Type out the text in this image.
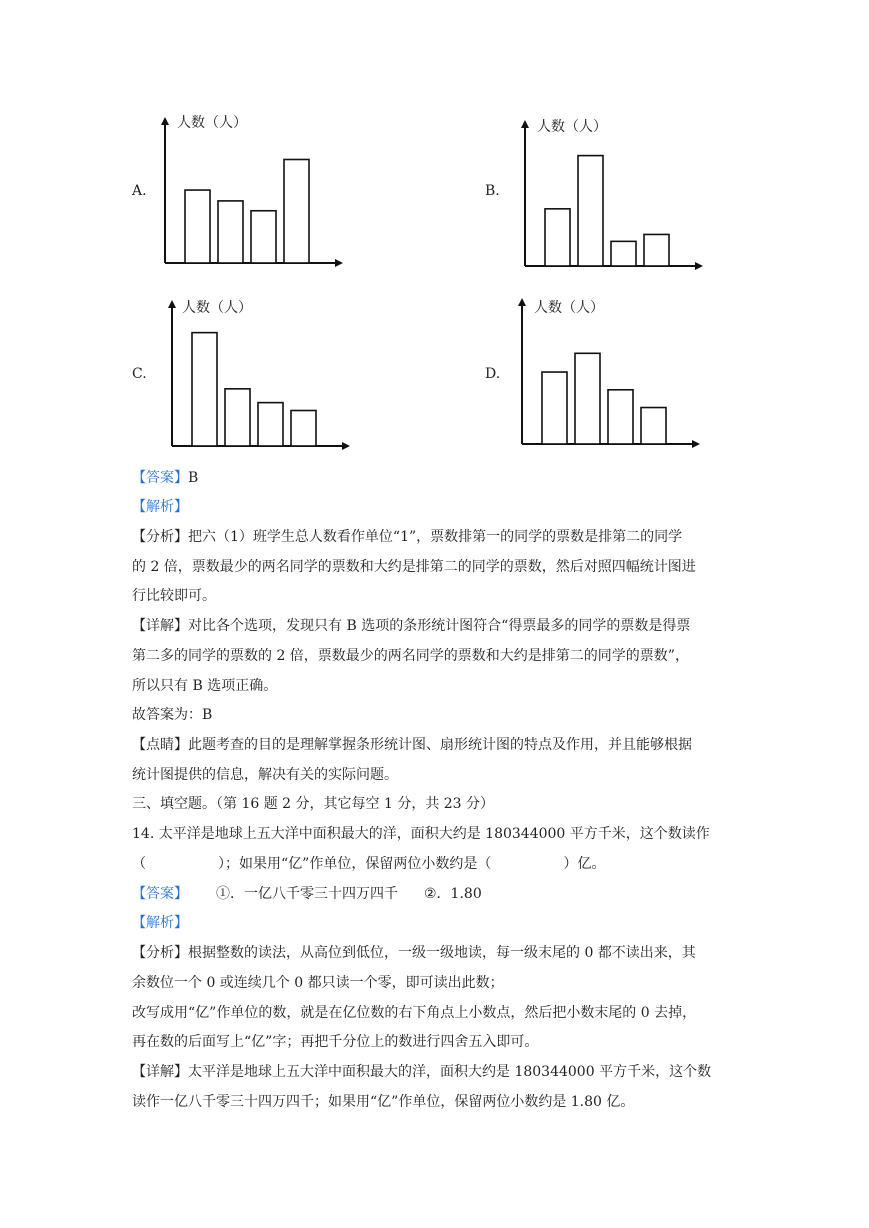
A.	B.
C.	D.
人数（人）	人数（人）
人数（人）	人数（人）
【答案】B
【解析】
【分析】把六（1）班学生总人数看作单位“1”，票数排第一的同学的票数是排第二的同学
的 2 倍，票数最少的两名同学的票数和大约是排第二的同学的票数，然后对照四幅统计图进
行比较即可。
【详解】对比各个选项，发现只有 B 选项的条形统计图符合“得票最多的同学的票数是得票
第二多的同学的票数的 2 倍，票数最少的两名同学的票数和大约是排第二的同学的票数”，
所以只有 B 选项正确。
故答案为：B
【点睛】此题考查的目的是理解掌握条形统计图、扇形统计图的特点及作用，并且能够根据
统计图提供的信息，解决有关的实际问题。
三、填空题。（第 16 题 2 分，其它每空 1 分，共 23 分）
14. 太平洋是地球上五大洋中面积最大的洋，面积大约是 180344000 平方千米，这个数读作
（	）；如果用“亿”作单位，保留两位小数约是（	）亿。
【答案】 ①．一亿八千零三十四万四千 ②．1.80
【解析】
【分析】根据整数的读法，从高位到低位，一级一级地读，每一级末尾的 0 都不读出来，其
余数位一个 0 或连续几个 0 都只读一个零，即可读出此数；
改写成用“亿”作单位的数，就是在亿位数的右下角点上小数点，然后把小数末尾的 0 去掉，
再在数的后面写上“亿”字；再把千分位上的数进行四舍五入即可。
【详解】太平洋是地球上五大洋中面积最大的洋，面积大约是 180344000 平方千米，这个数
读作一亿八千零三十四万四千；如果用“亿”作单位，保留两位小数约是 1.80 亿。
